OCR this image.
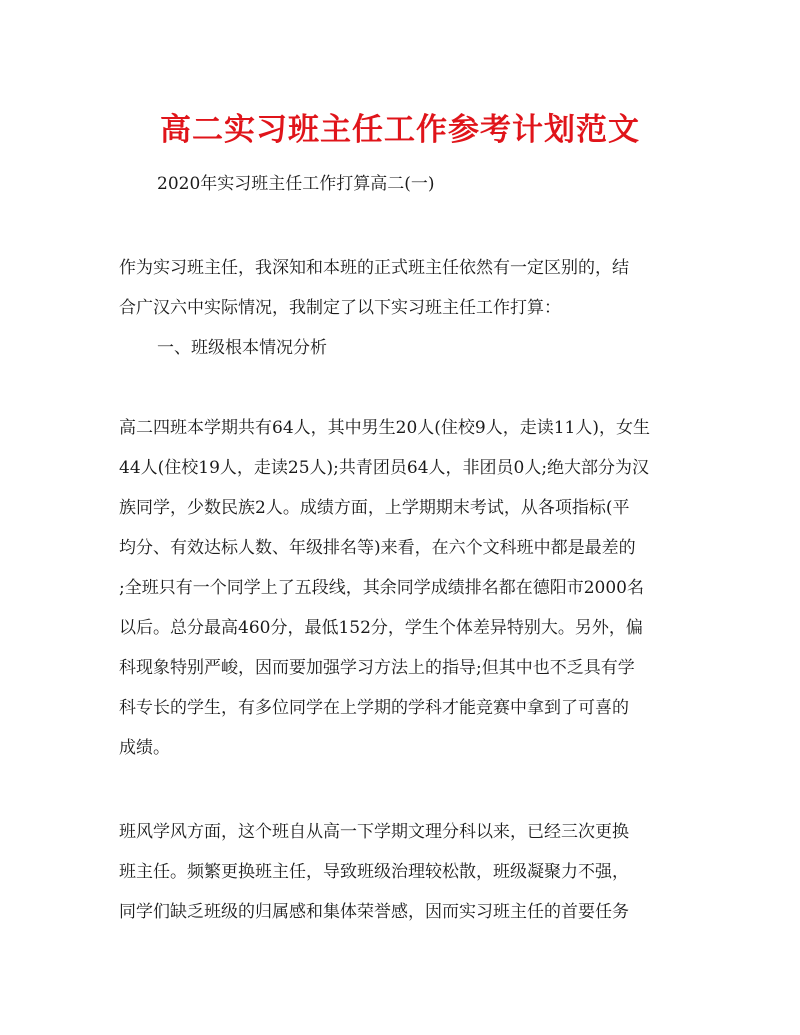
高二实习班主任工作参考计划范文
2020年实习班主任工作打算高二(一)
作为实习班主任，我深知和本班的正式班主任依然有一定区别的，结
合广汉六中实际情况，我制定了以下实习班主任工作打算：
一、班级根本情况分析
高二四班本学期共有64人，其中男生20人(住校9人，走读11人)，女生
44人(住校19人，走读25人);共青团员64人，非团员0人;绝大部分为汉
族同学，少数民族2人。成绩方面，上学期期末考试，从各项指标(平
均分、有效达标人数、年级排名等)来看，在六个文科班中都是最差的
;全班只有一个同学上了五段线，其余同学成绩排名都在德阳市2000名
以后。总分最高460分，最低152分，学生个体差异特别大。另外，偏
科现象特别严峻，因而要加强学习方法上的指导;但其中也不乏具有学
科专长的学生，有多位同学在上学期的学科才能竞赛中拿到了可喜的
成绩。
班风学风方面，这个班自从高一下学期文理分科以来，已经三次更换
班主任。频繁更换班主任，导致班级治理较松散，班级凝聚力不强，
同学们缺乏班级的归属感和集体荣誉感，因而实习班主任的首要任务
